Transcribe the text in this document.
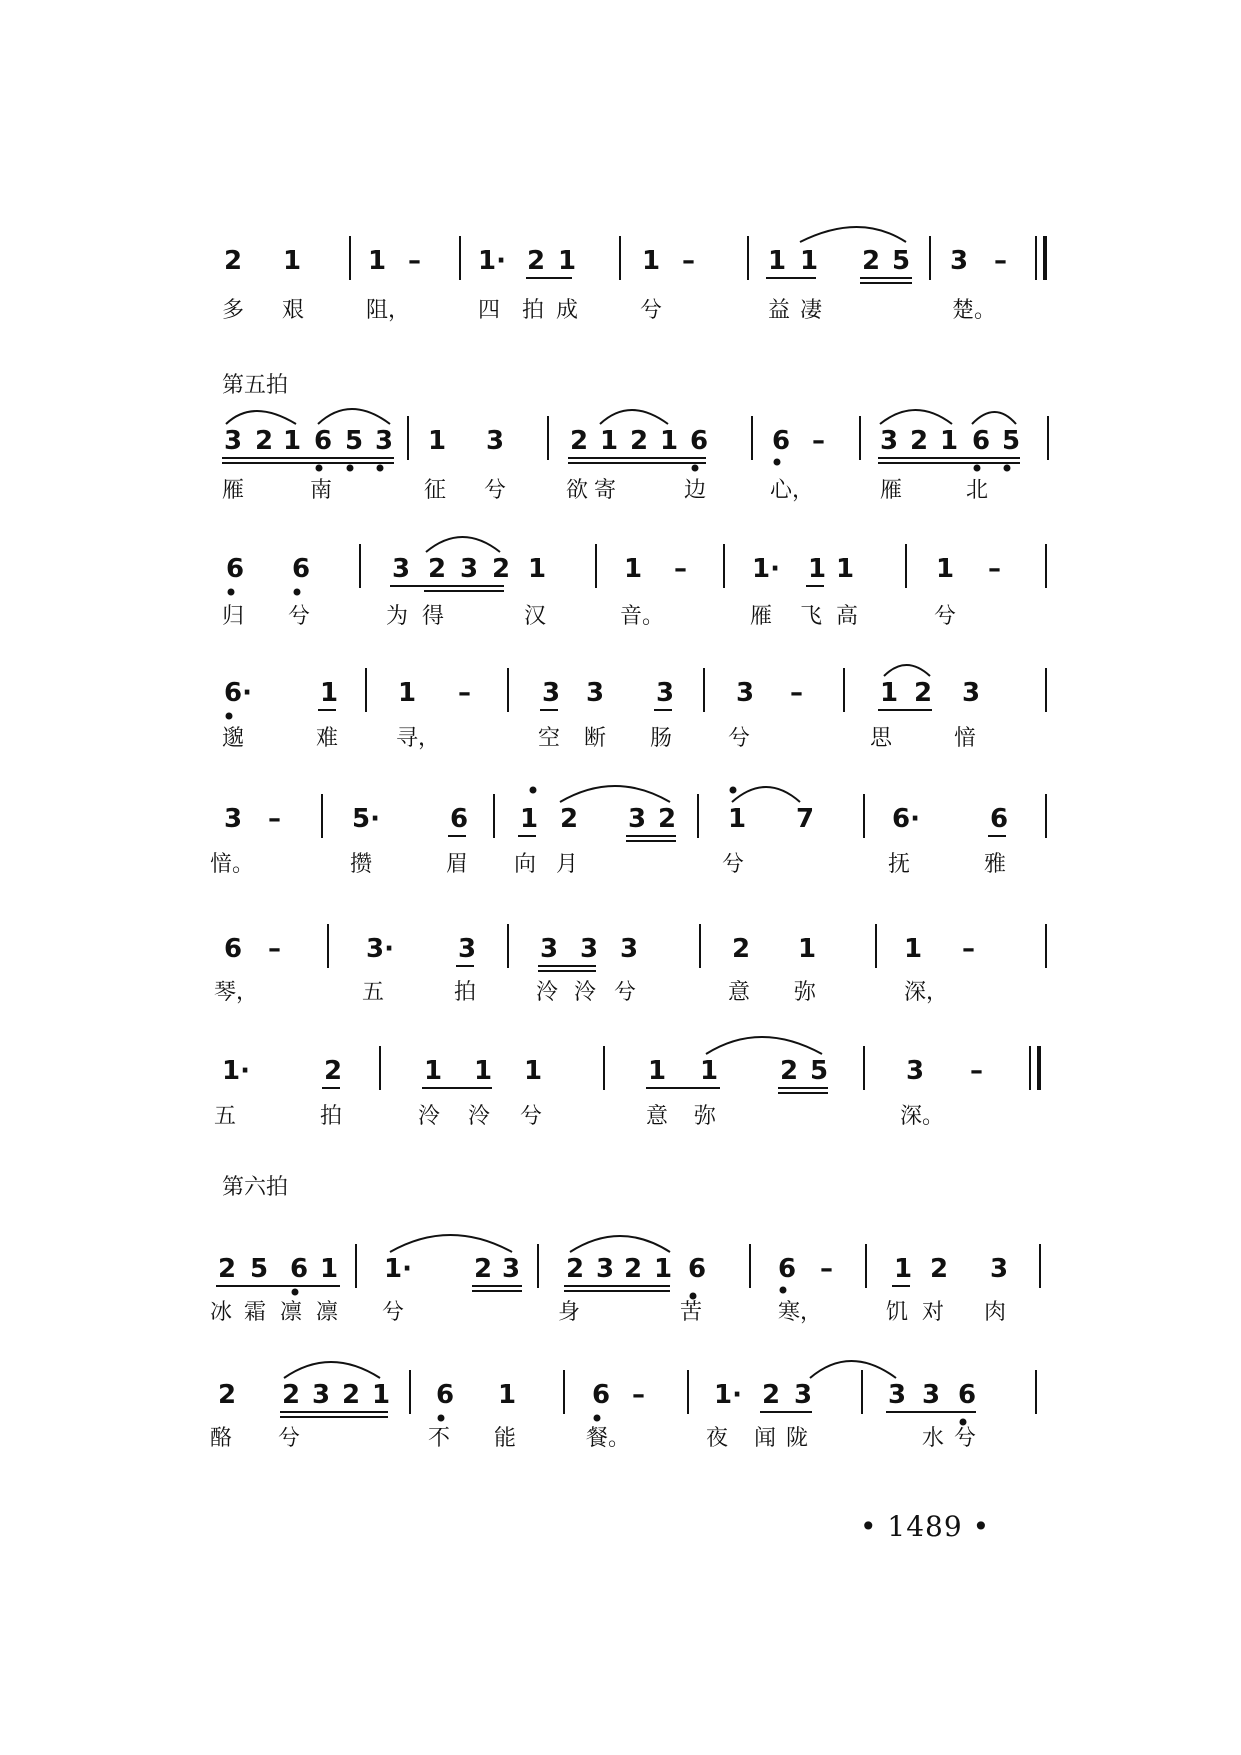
第五拍
第六拍
2 1	1 – 1· 2 1	1 –	1 1 2 5 3 –
多 艰	阻，	四 拍 成	兮	益 凄	楚。
3 2 1 6 5 3 1 3	2 1 2 1 6 6 – 3 2 1 6 5
雁	南	征 兮	欲 寄	边	心，	雁	北
6 6	3 2 3 2 1	1 –	1· 1 1	1 –
归 兮	为 得	汉	音。	雁 飞 高	兮
6·	1 1 –	3 3 3 3 –	1 2 3
邈	难	寻，	空 断 肠	兮	思	愔
3 –	5·	6 1 2 3 2 1 7	6·	6
愔。	攒	眉 向 月	兮	抚	雅
6 –	3· 3 3 3 3	2 1	1 –
琴，	五	拍	泠 泠 兮	意 弥	深，
1·	2	1 1 1	1 1 2 5	3 –
五	拍	泠 泠 兮	意 弥	深。
2 5 6 1 1· 2 3 2 3 2 1 6	6 – 1 2 3
冰 霜 凛 凛 兮	身	苦	寒，	饥 对 肉
2 2 3 2 1 6 1	6 –	1· 2 3	3 3 6
酪 兮	不 能	餐。	夜 闻 陇	水 兮
• 1489 •
